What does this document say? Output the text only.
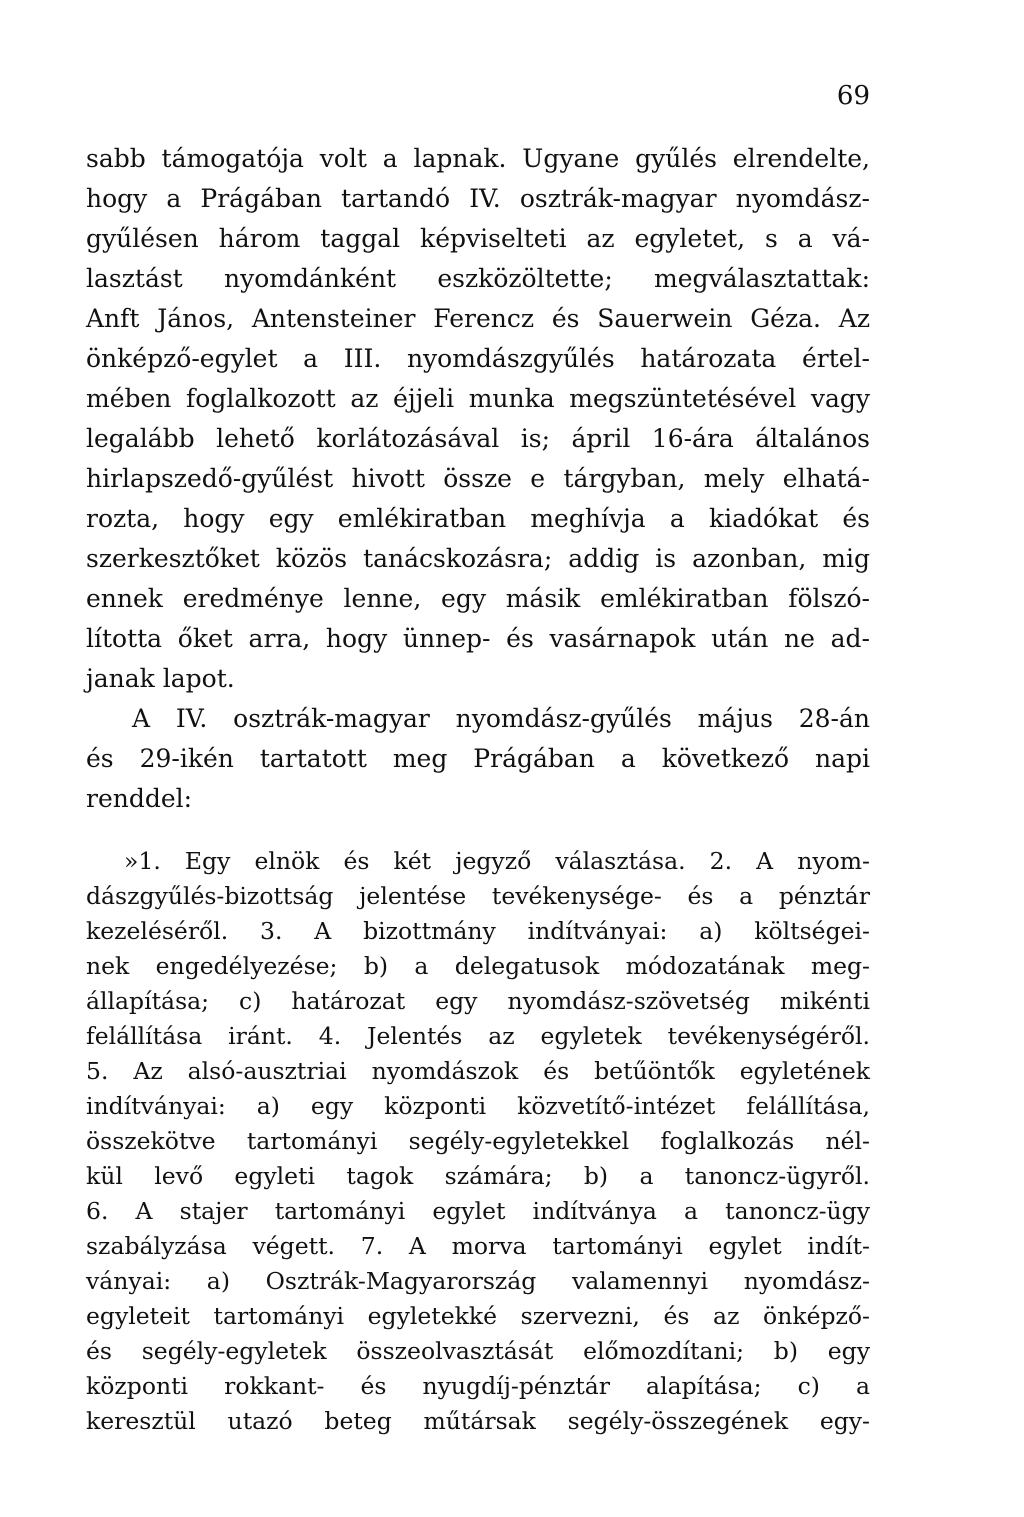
69
sabb támogatója volt a lapnak. Ugyane gyűlés elrendelte,
hogy a Prágában tartandó IV. osztrák-magyar nyomdász-
gyűlésen három taggal képviselteti az egyletet, s a vá-
lasztást nyomdánként eszközöltette; megválasztattak:
Anft János, Antensteiner Ferencz és Sauerwein Géza. Az
önképző-egylet a III. nyomdászgyűlés határozata értel-
mében foglalkozott az éjjeli munka megszüntetésével vagy
legalább lehető korlátozásával is; ápril 16-ára általános
hirlapszedő-gyűlést hivott össze e tárgyban, mely elhatá-
rozta, hogy egy emlékiratban meghívja a kiadókat és
szerkesztőket közös tanácskozásra; addig is azonban, mig
ennek eredménye lenne, egy másik emlékiratban fölszó-
lította őket arra, hogy ünnep- és vasárnapok után ne ad-
janak lapot.
A IV. osztrák-magyar nyomdász-gyűlés május 28-án
és 29-ikén tartatott meg Prágában a következő napi
renddel:
»1. Egy elnök és két jegyző választása. 2. A nyom-
dászgyűlés-bizottság jelentése tevékenysége- és a pénztár
kezeléséről. 3. A bizottmány indítványai: a) költségei-
nek engedélyezése; b) a delegatusok módozatának meg-
állapítása; c) határozat egy nyomdász-szövetség mikénti
felállítása iránt. 4. Jelentés az egyletek tevékenységéről.
5. Az alsó-ausztriai nyomdászok és betűöntők egyletének
indítványai: a) egy központi közvetítő-intézet felállítása,
összekötve tartományi segély-egyletekkel foglalkozás nél-
kül levő egyleti tagok számára; b) a tanoncz-ügyről.
6. A stajer tartományi egylet indítványa a tanoncz-ügy
szabályzása végett. 7. A morva tartományi egylet indít-
ványai: a) Osztrák-Magyarország valamennyi nyomdász-
egyleteit tartományi egyletekké szervezni, és az önképző-
és segély-egyletek összeolvasztását előmozdítani; b) egy
központi rokkant- és nyugdíj-pénztár alapítása; c) a
keresztül utazó beteg műtársak segély-összegének egy-
